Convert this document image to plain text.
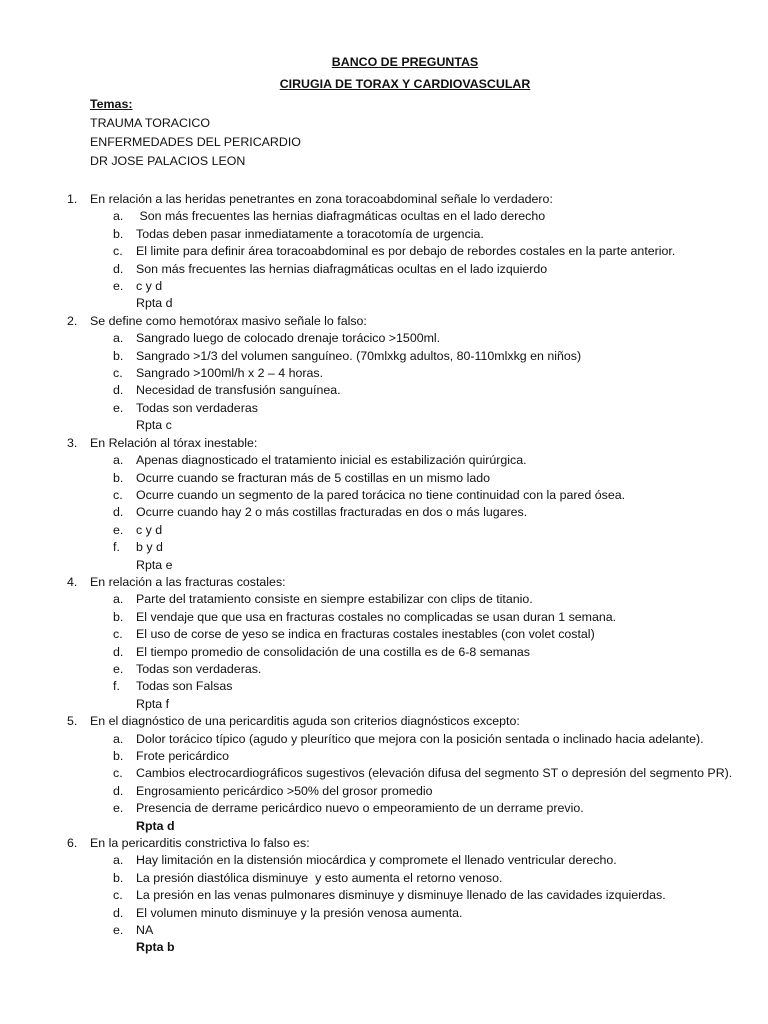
BANCO DE PREGUNTAS
CIRUGIA DE TORAX Y CARDIOVASCULAR
Temas:
TRAUMA TORACICO
ENFERMEDADES DEL PERICARDIO
DR JOSE PALACIOS LEON
1. En relación a las heridas penetrantes en zona toracoabdominal señale lo verdadero:
a. Son más frecuentes las hernias diafragmáticas ocultas en el lado derecho
b. Todas deben pasar inmediatamente a toracotomía de urgencia.
c. El limite para definir área toracoabdominal es por debajo de rebordes costales en la parte anterior.
d. Son más frecuentes las hernias diafragmáticas ocultas en el lado izquierdo
e. c y d
Rpta d
2. Se define como hemotórax masivo señale lo falso:
a. Sangrado luego de colocado drenaje torácico >1500ml.
b. Sangrado >1/3 del volumen sanguíneo. (70mlxkg adultos, 80-110mlxkg en niños)
c. Sangrado >100ml/h x 2 – 4 horas.
d. Necesidad de transfusión sanguínea.
e. Todas son verdaderas
Rpta c
3. En Relación al tórax inestable:
a. Apenas diagnosticado el tratamiento inicial es estabilización quirúrgica.
b. Ocurre cuando se fracturan más de 5 costillas en un mismo lado
c. Ocurre cuando un segmento de la pared torácica no tiene continuidad con la pared ósea.
d. Ocurre cuando hay 2 o más costillas fracturadas en dos o más lugares.
e. c y d
f. b y d
Rpta e
4. En relación a las fracturas costales:
a. Parte del tratamiento consiste en siempre estabilizar con clips de titanio.
b. El vendaje que que usa en fracturas costales no complicadas se usan duran 1 semana.
c. El uso de corse de yeso se indica en fracturas costales inestables (con volet costal)
d. El tiempo promedio de consolidación de una costilla es de 6-8 semanas
e. Todas son verdaderas.
f. Todas son Falsas
Rpta f
5. En el diagnóstico de una pericarditis aguda son criterios diagnósticos excepto:
a. Dolor torácico típico (agudo y pleurítico que mejora con la posición sentada o inclinado hacia adelante).
b. Frote pericárdico
c. Cambios electrocardiográficos sugestivos (elevación difusa del segmento ST o depresión del segmento PR).
d. Engrosamiento pericárdico >50% del grosor promedio
e. Presencia de derrame pericárdico nuevo o empeoramiento de un derrame previo.
Rpta d
6. En la pericarditis constrictiva lo falso es:
a. Hay limitación en la distensión miocárdica y compromete el llenado ventricular derecho.
b. La presión diastólica disminuye  y esto aumenta el retorno venoso.
c. La presión en las venas pulmonares disminuye y disminuye llenado de las cavidades izquierdas.
d. El volumen minuto disminuye y la presión venosa aumenta.
e. NA
Rpta b
